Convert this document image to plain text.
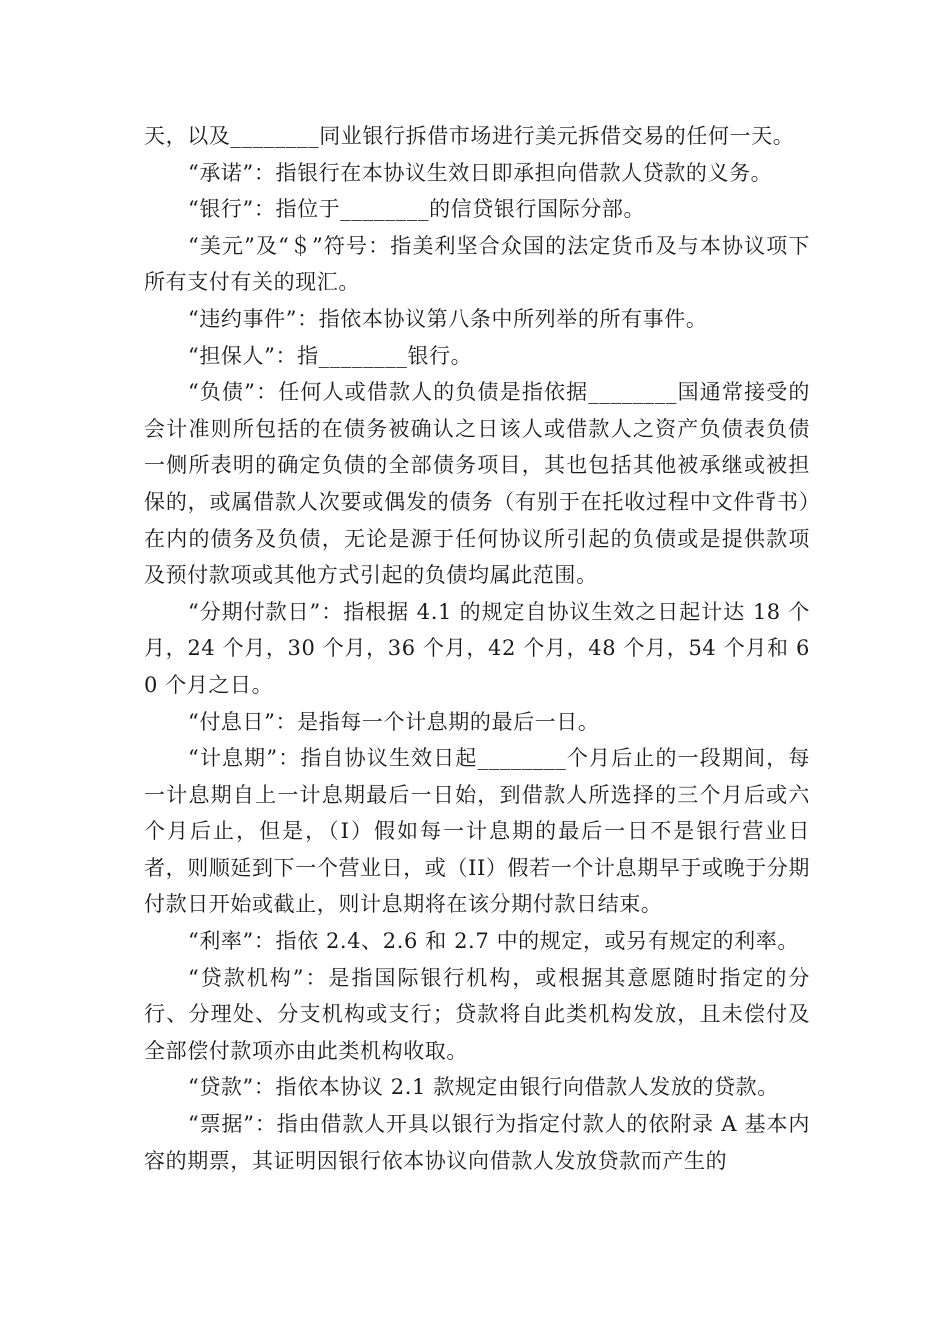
天，以及________同业银行拆借市场进行美元拆借交易的任何一天。

“承诺”：指银行在本协议生效日即承担向借款人贷款的义务。

“银行”：指位于________的信贷银行国际分部。

“美元”及“＄”符号：指美利坚合众国的法定货币及与本协议项下所有支付有关的现汇。

“违约事件”：指依本协议第八条中所列举的所有事件。

“担保人”：指________银行。

“负债”：任何人或借款人的负债是指依据________国通常接受的会计准则所包括的在债务被确认之日该人或借款人之资产负债表负债一侧所表明的确定负债的全部债务项目，其也包括其他被承继或被担保的，或属借款人次要或偶发的债务（有别于在托收过程中文件背书）在内的债务及负债，无论是源于任何协议所引起的负债或是提供款项及预付款项或其他方式引起的负债均属此范围。

“分期付款日”：指根据 4.1 的规定自协议生效之日起计达 18 个月，24 个月，30 个月，36 个月，42 个月，48 个月，54 个月和 60 个月之日。

“付息日”：是指每一个计息期的最后一日。

“计息期”：指自协议生效日起________个月后止的一段期间，每一计息期自上一计息期最后一日始，到借款人所选择的三个月后或六个月后止，但是，（I）假如每一计息期的最后一日不是银行营业日者，则顺延到下一个营业日，或（II）假若一个计息期早于或晚于分期付款日开始或截止，则计息期将在该分期付款日结束。

“利率”：指依 2.4、2.6 和 2.7 中的规定，或另有规定的利率。

“贷款机构”：是指国际银行机构，或根据其意愿随时指定的分行、分理处、分支机构或支行；贷款将自此类机构发放，且未偿付及全部偿付款项亦由此类机构收取。

“贷款”：指依本协议 2.1 款规定由银行向借款人发放的贷款。

“票据”：指由借款人开具以银行为指定付款人的依附录 A 基本内容的期票，其证明因银行依本协议向借款人发放贷款而产生的
